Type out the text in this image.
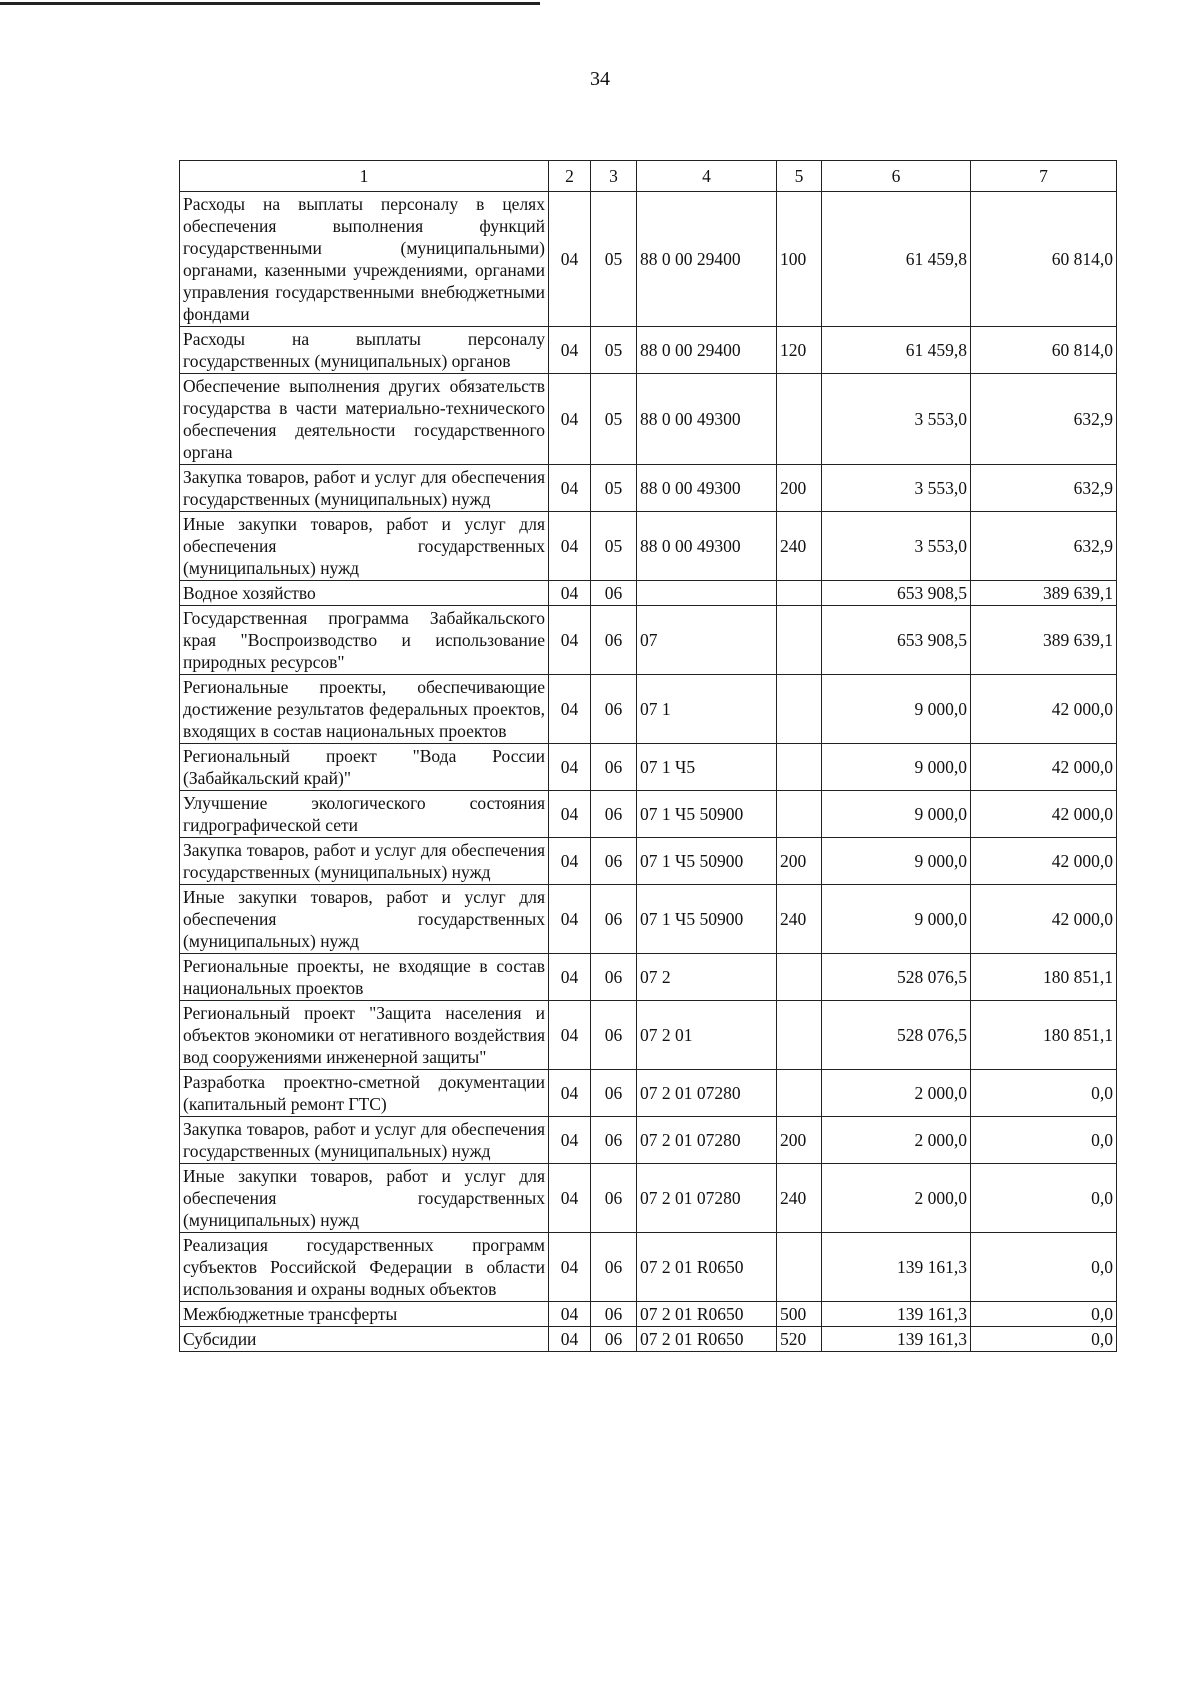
34
1	2	3	4	5	6	7
Расходы на выплаты персоналу в целях обеспечения выполнения функций государственными (муниципальными) органами, казенными учреждениями, органами управления государственными внебюджетными фондами	04	05	88 0 00 29400	100	61 459,8	60 814,0
Расходы на выплаты персоналу государственных (муниципальных) органов	04	05	88 0 00 29400	120	61 459,8	60 814,0
Обеспечение выполнения других обязательств государства в части материально-технического обеспечения деятельности государственного органа	04	05	88 0 00 49300		3 553,0	632,9
Закупка товаров, работ и услуг для обеспечения государственных (муниципальных) нужд	04	05	88 0 00 49300	200	3 553,0	632,9
Иные закупки товаров, работ и услуг для обеспечения государственных (муниципальных) нужд	04	05	88 0 00 49300	240	3 553,0	632,9
Водное хозяйство	04	06			653 908,5	389 639,1
Государственная программа Забайкальского края "Воспроизводство и использование природных ресурсов"	04	06	07		653 908,5	389 639,1
Региональные проекты, обеспечивающие достижение результатов федеральных проектов, входящих в состав национальных проектов	04	06	07 1		9 000,0	42 000,0
Региональный проект "Вода России (Забайкальский край)"	04	06	07 1 Ч5		9 000,0	42 000,0
Улучшение экологического состояния гидрографической сети	04	06	07 1 Ч5 50900		9 000,0	42 000,0
Закупка товаров, работ и услуг для обеспечения государственных (муниципальных) нужд	04	06	07 1 Ч5 50900	200	9 000,0	42 000,0
Иные закупки товаров, работ и услуг для обеспечения государственных (муниципальных) нужд	04	06	07 1 Ч5 50900	240	9 000,0	42 000,0
Региональные проекты, не входящие в состав национальных проектов	04	06	07 2		528 076,5	180 851,1
Региональный проект "Защита населения и объектов экономики от негативного воздействия вод сооружениями инженерной защиты"	04	06	07 2 01		528 076,5	180 851,1
Разработка проектно-сметной документации (капитальный ремонт ГТС)	04	06	07 2 01 07280		2 000,0	0,0
Закупка товаров, работ и услуг для обеспечения государственных (муниципальных) нужд	04	06	07 2 01 07280	200	2 000,0	0,0
Иные закупки товаров, работ и услуг для обеспечения государственных (муниципальных) нужд	04	06	07 2 01 07280	240	2 000,0	0,0
Реализация государственных программ субъектов Российской Федерации в области использования и охраны водных объектов	04	06	07 2 01 R0650		139 161,3	0,0
Межбюджетные трансферты	04	06	07 2 01 R0650	500	139 161,3	0,0
Субсидии	04	06	07 2 01 R0650	520	139 161,3	0,0
